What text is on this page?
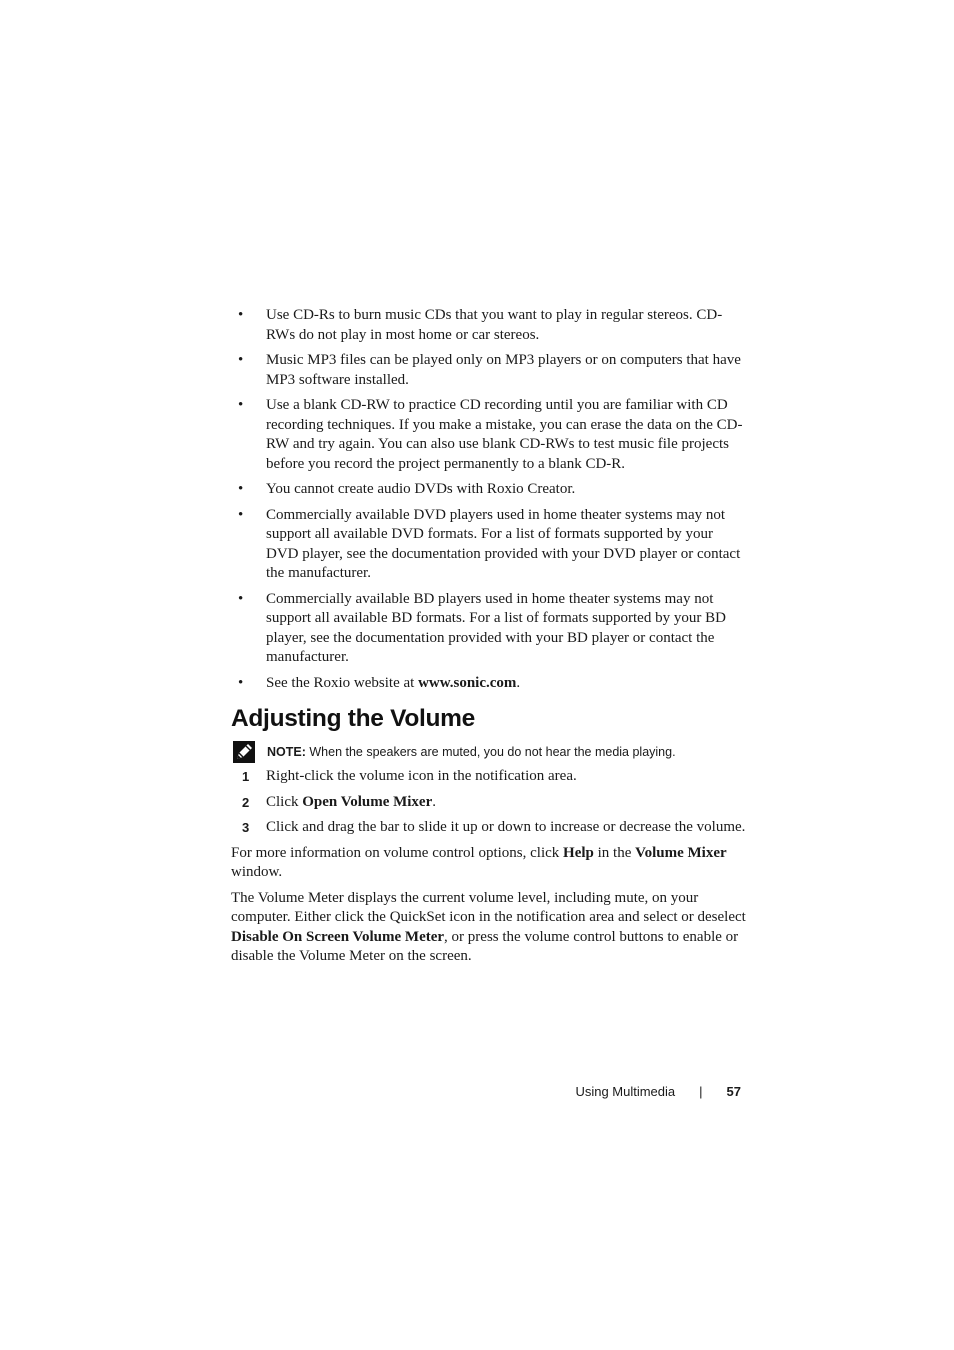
• Use CD-Rs to burn music CDs that you want to play in regular stereos. CD-RWs do not play in most home or car stereos.
• Music MP3 files can be played only on MP3 players or on computers that have MP3 software installed.
• Use a blank CD-RW to practice CD recording until you are familiar with CD recording techniques. If you make a mistake, you can erase the data on the CD-RW and try again. You can also use blank CD-RWs to test music file projects before you record the project permanently to a blank CD-R.
• You cannot create audio DVDs with Roxio Creator.
• Commercially available DVD players used in home theater systems may not support all available DVD formats. For a list of formats supported by your DVD player, see the documentation provided with your DVD player or contact the manufacturer.
• Commercially available BD players used in home theater systems may not support all available BD formats. For a list of formats supported by your BD player, see the documentation provided with your BD player or contact the manufacturer.
• See the Roxio website at www.sonic.com.
Adjusting the Volume
NOTE: When the speakers are muted, you do not hear the media playing.
1 Right-click the volume icon in the notification area.
2 Click Open Volume Mixer.
3 Click and drag the bar to slide it up or down to increase or decrease the volume.

For more information on volume control options, click Help in the Volume Mixer window.

The Volume Meter displays the current volume level, including mute, on your computer. Either click the QuickSet icon in the notification area and select or deselect Disable On Screen Volume Meter, or press the volume control buttons to enable or disable the Volume Meter on the screen.

Using Multimedia | 57
